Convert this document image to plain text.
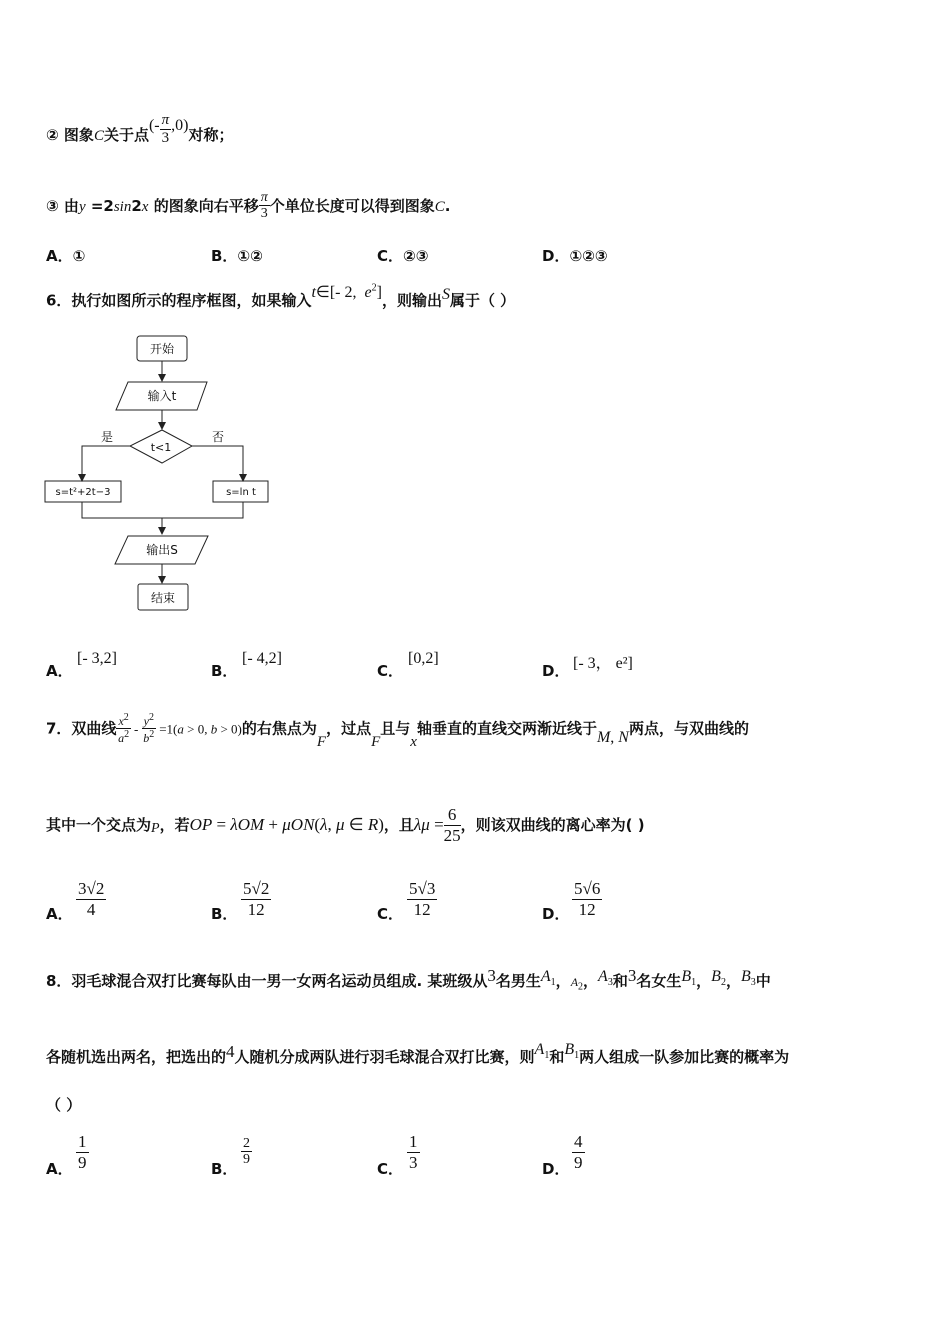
② 图象C关于点(- $\frac{\pi}{3} ,0$)对称；
③ 由y =2sin2x 的图象向右平移 $\frac{\pi}{3}$ 个单位长度可以得到图象C.
A．①	B．①②	C．②③	D．①②③
6．执行如图所示的程序框图，如果输入t∈[- 2,  $e^2$]，则输出S属于（ ）
开始
输入t
t<1
是	否
s=t²+2t−3	s=ln t
输出S
结束
A．
[- 3,2]
B．
[- 4,2]
C．
[0,2]
D． [- 3， e²]
7．双曲线 $\frac{x^2}{a^2} - \frac{y^2}{b^2} =1(a > 0$, b > 0)的右焦点为F，过点F且与x轴垂直的直线交两渐近线于M, N两点，与双曲线的
其中一个交点为P，若OP = λOM + μON(λ, μ ∈ R)，且$\lambda\mu = \frac{6}{25}$ ，则该双曲线的离心率为( )
A． $\frac{3√2}{4}$	B． $\frac{5√2}{12}$	C． $\frac{5√3}{12}$	D． $\frac{5√6}{12}$
8．羽毛球混合双打比赛每队由一男一女两名运动员组成. 某班级从3名男生$A_1$，$A_2$，$A_3$和3名女生$B_1$，$B_2$，$B_3$中
各随机选出两名，把选出的4人随机分成两队进行羽毛球混合双打比赛，则$A_1$和$B_1$两人组成一队参加比赛的概率为
（ ）
A． $\frac{1}{9}$	B．
$\frac{2}{9}$
C． $\frac{1}{3}$	D． $\frac{4}{9}$
